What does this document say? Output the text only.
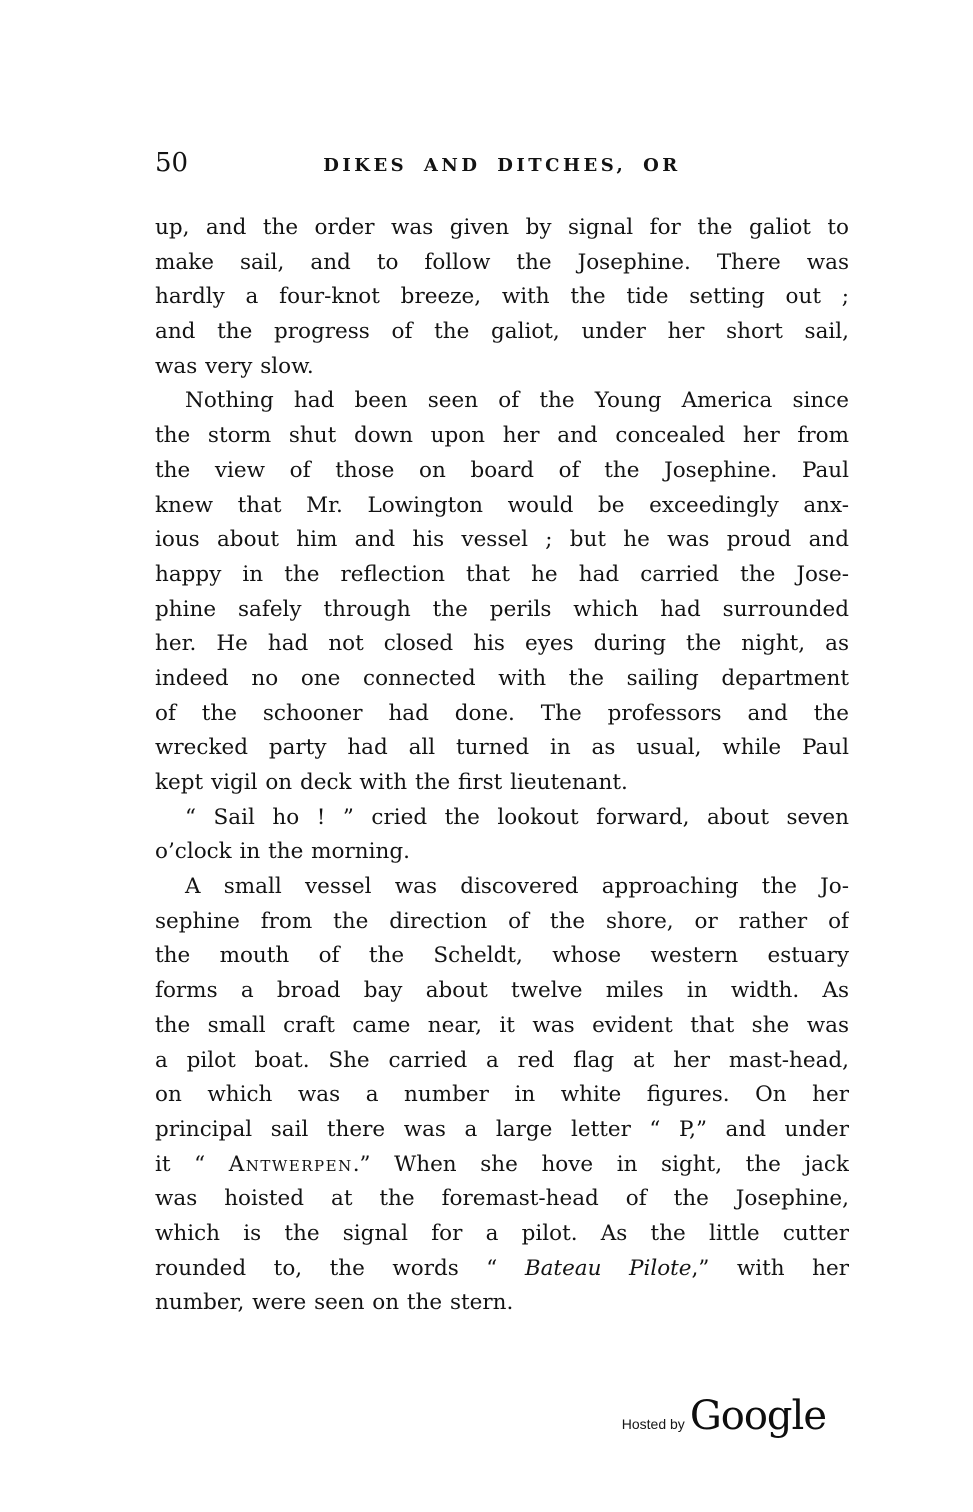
50	DIKES AND DITCHES, OR
up, and the order was given by signal for the galiot to
make sail, and to follow the Josephine. There was
hardly a four-knot breeze, with the tide setting out ;
and the progress of the galiot, under her short sail,
was very slow.
Nothing had been seen of the Young America since
the storm shut down upon her and concealed her from
the view of those on board of the Josephine. Paul
knew that Mr. Lowington would be exceedingly anx-
ious about him and his vessel ; but he was proud and
happy in the reflection that he had carried the Jose-
phine safely through the perils which had surrounded
her. He had not closed his eyes during the night, as
indeed no one connected with the sailing department
of the schooner had done. The professors and the
wrecked party had all turned in as usual, while Paul
kept vigil on deck with the first lieutenant.
“ Sail ho ! ” cried the lookout forward, about seven
o’clock in the morning.
A small vessel was discovered approaching the Jo-
sephine from the direction of the shore, or rather of
the mouth of the Scheldt, whose western estuary
forms a broad bay about twelve miles in width. As
the small craft came near, it was evident that she was
a pilot boat. She carried a red flag at her mast-head,
on which was a number in white figures. On her
principal sail there was a large letter “ P,” and under
it “ Antwerpen.” When she hove in sight, the jack
was hoisted at the foremast-head of the Josephine,
which is the signal for a pilot. As the little cutter
rounded to, the words “ Bateau Pilote,” with her
number, were seen on the stern.
Hosted by Google
